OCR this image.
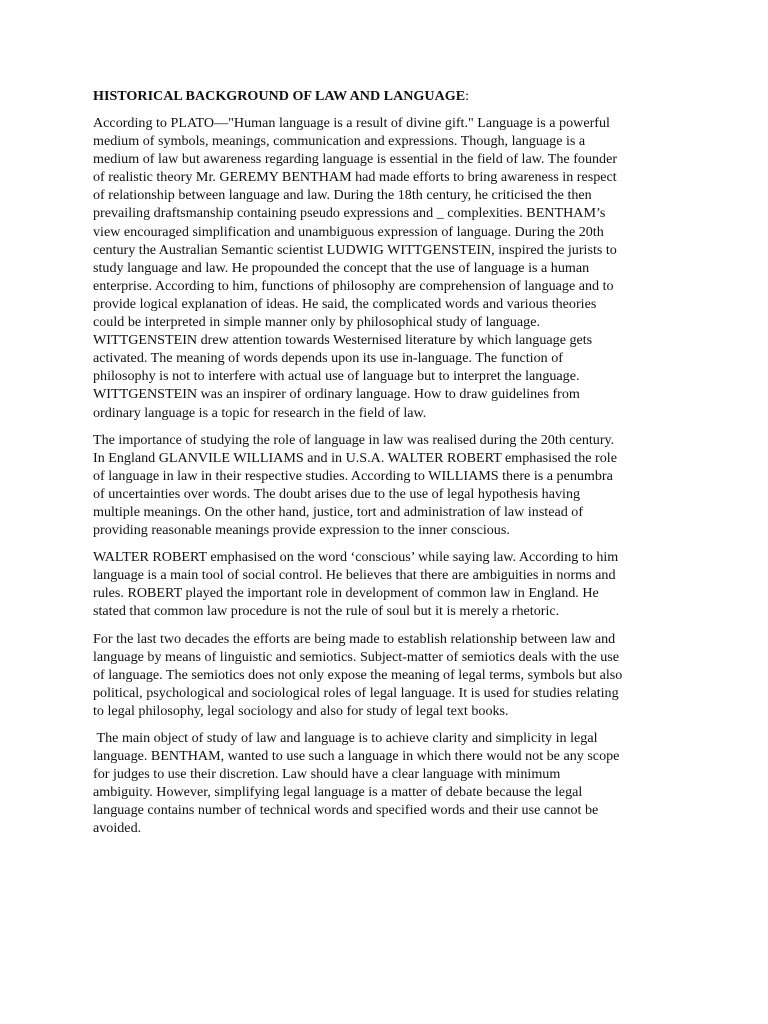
HISTORICAL BACKGROUND OF LAW AND LANGUAGE:
According to PLATO—"Human language is a result of divine gift." Language is a powerful
medium of symbols, meanings, communication and expressions. Though, language is a
medium of law but awareness regarding language is essential in the field of law. The founder
of realistic theory Mr. GEREMY BENTHAM had made efforts to bring awareness in respect
of relationship between language and law. During the 18th century, he criticised the then
prevailing draftsmanship containing pseudo expressions and _ complexities. BENTHAM’s
view encouraged simplification and unambiguous expression of language. During the 20th
century the Australian Semantic scientist LUDWIG WITTGENSTEIN, inspired the jurists to
study language and law. He propounded the concept that the use of language is a human
enterprise. According to him, functions of philosophy are comprehension of language and to
provide logical explanation of ideas. He said, the complicated words and various theories
could be interpreted in simple manner only by philosophical study of language.
WITTGENSTEIN drew attention towards Westernised literature by which language gets
activated. The meaning of words depends upon its use in-language. The function of
philosophy is not to interfere with actual use of language but to interpret the language.
WITTGENSTEIN was an inspirer of ordinary language. How to draw guidelines from
ordinary language is a topic for research in the field of law.
The importance of studying the role of language in law was realised during the 20th century.
In England GLANVILE WILLIAMS and in U.S.A. WALTER ROBERT emphasised the role
of language in law in their respective studies. According to WILLIAMS there is a penumbra
of uncertainties over words. The doubt arises due to the use of legal hypothesis having
multiple meanings. On the other hand, justice, tort and administration of law instead of
providing reasonable meanings provide expression to the inner conscious.
WALTER ROBERT emphasised on the word ‘conscious’ while saying law. According to him
language is a main tool of social control. He believes that there are ambiguities in norms and
rules. ROBERT played the important role in development of common law in England. He
stated that common law procedure is not the rule of soul but it is merely a rhetoric.
For the last two decades the efforts are being made to establish relationship between law and
language by means of linguistic and semiotics. Subject-matter of semiotics deals with the use
of language. The semiotics does not only expose the meaning of legal terms, symbols but also
political, psychological and sociological roles of legal language. It is used for studies relating
to legal philosophy, legal sociology and also for study of legal text books.
The main object of study of law and language is to achieve clarity and simplicity in legal
language. BENTHAM, wanted to use such a language in which there would not be any scope
for judges to use their discretion. Law should have a clear language with minimum
ambiguity. However, simplifying legal language is a matter of debate because the legal
language contains number of technical words and specified words and their use cannot be
avoided.
